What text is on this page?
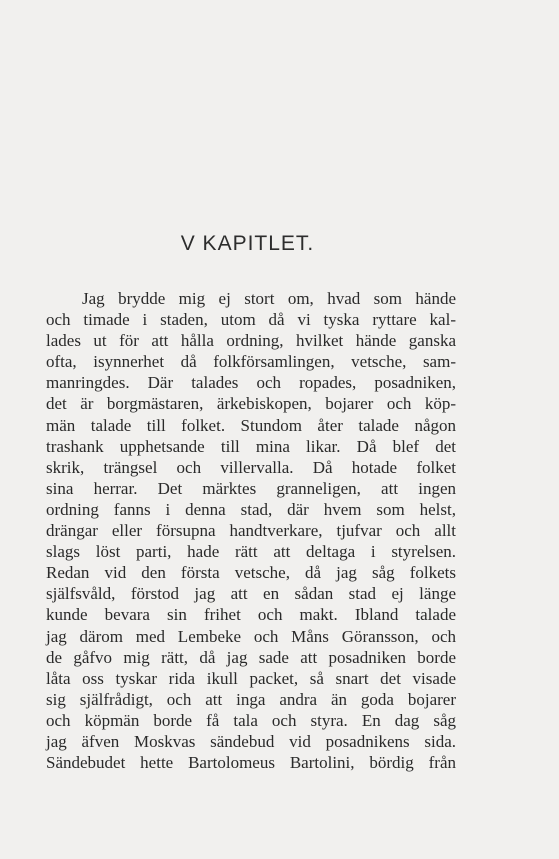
V KAPITLET.
Jag brydde mig ej stort om, hvad som hände
och timade i staden, utom då vi tyska ryttare kal-
lades ut för att hålla ordning, hvilket hände ganska
ofta, isynnerhet då folkförsamlingen, vetsche, sam-
manringdes. Där talades och ropades, posadniken,
det är borgmästaren, ärkebiskopen, bojarer och köp-
män talade till folket. Stundom åter talade någon
trashank upphetsande till mina likar. Då blef det
skrik, trängsel och villervalla. Då hotade folket
sina herrar. Det märktes granneligen, att ingen
ordning fanns i denna stad, där hvem som helst,
drängar eller försupna handtverkare, tjufvar och allt
slags löst parti, hade rätt att deltaga i styrelsen.
Redan vid den första vetsche, då jag såg folkets
själfsvåld, förstod jag att en sådan stad ej länge
kunde bevara sin frihet och makt. Ibland talade
jag därom med Lembeke och Måns Göransson, och
de gåfvo mig rätt, då jag sade att posadniken borde
låta oss tyskar rida ikull packet, så snart det visade
sig själfrådigt, och att inga andra än goda bojarer
och köpmän borde få tala och styra. En dag såg
jag äfven Moskvas sändebud vid posadnikens sida.
Sändebudet hette Bartolomeus Bartolini, bördig från
